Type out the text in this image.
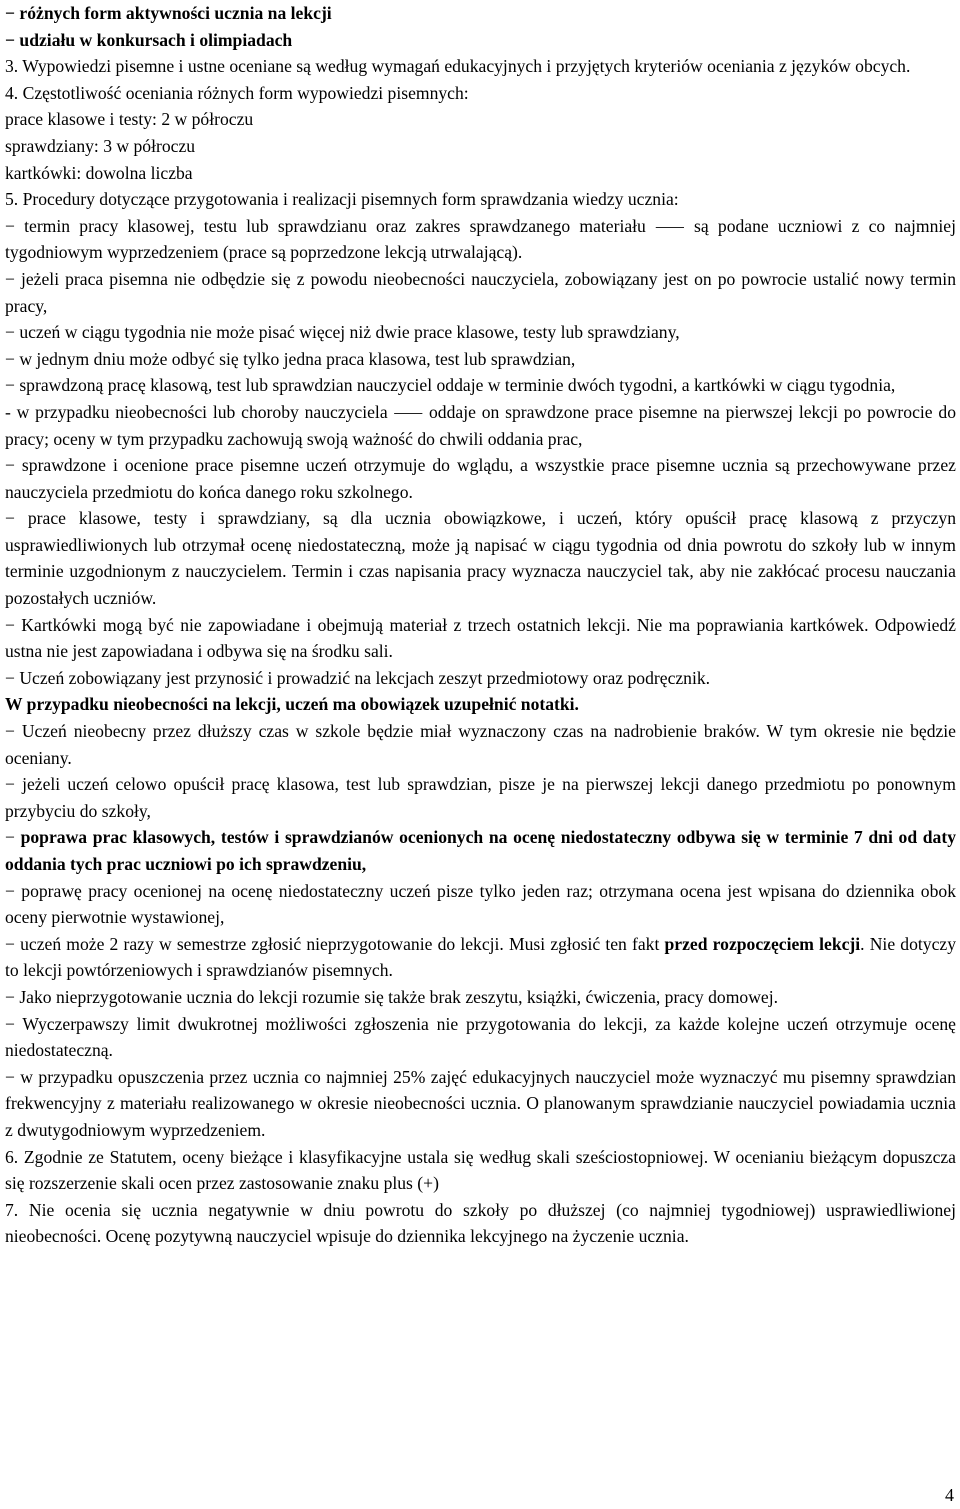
− różnych form aktywności ucznia na lekcji

− udziału w konkursach i olimpiadach

3. Wypowiedzi pisemne i ustne oceniane są według wymagań edukacyjnych i przyjętych kryteriów oceniania z języków obcych.

4. Częstotliwość oceniania różnych form wypowiedzi pisemnych:

prace klasowe i testy: 2 w półroczu

sprawdziany: 3 w półroczu

kartkówki: dowolna liczba

5. Procedury dotyczące przygotowania i realizacji pisemnych form sprawdzania wiedzy ucznia:

− termin pracy klasowej, testu lub sprawdzianu oraz zakres sprawdzanego materiału ⸺ są podane uczniowi z co najmniej tygodniowym wyprzedzeniem (prace są poprzedzone lekcją utrwalającą).

− jeżeli praca pisemna nie odbędzie się z powodu nieobecności nauczyciela, zobowiązany jest on po powrocie ustalić nowy termin pracy,

− uczeń w ciągu tygodnia nie może pisać więcej niż dwie prace klasowe, testy lub sprawdziany,

− w jednym dniu może odbyć się tylko jedna praca klasowa, test lub sprawdzian,

− sprawdzoną pracę klasową, test lub sprawdzian nauczyciel oddaje w terminie dwóch tygodni, a kartkówki w ciągu tygodnia,

- w przypadku nieobecności lub choroby nauczyciela ⸺ oddaje on sprawdzone prace pisemne na pierwszej lekcji po powrocie do pracy; oceny w tym przypadku zachowują swoją ważność do chwili oddania prac,

− sprawdzone i ocenione prace pisemne uczeń otrzymuje do wglądu, a wszystkie prace pisemne ucznia są przechowywane przez nauczyciela przedmiotu do końca danego roku szkolnego.

− prace klasowe, testy i sprawdziany, są dla ucznia obowiązkowe, i uczeń, który opuścił pracę klasową z przyczyn usprawiedliwionych lub otrzymał ocenę niedostateczną, może ją napisać w ciągu tygodnia od dnia powrotu do szkoły lub w innym terminie uzgodnionym z nauczycielem. Termin i czas napisania pracy wyznacza nauczyciel tak, aby nie zakłócać procesu nauczania pozostałych uczniów.

− Kartkówki mogą być nie zapowiadane i obejmują materiał z trzech ostatnich lekcji. Nie ma poprawiania kartkówek. Odpowiedź ustna nie jest zapowiadana i odbywa się na środku sali.

− Uczeń zobowiązany jest przynosić i prowadzić na lekcjach zeszyt przedmiotowy oraz podręcznik.

W przypadku nieobecności na lekcji, uczeń ma obowiązek uzupełnić notatki.

− Uczeń nieobecny przez dłuższy czas w szkole będzie miał wyznaczony czas na nadrobienie braków. W tym okresie nie będzie oceniany.

− jeżeli uczeń celowo opuścił pracę klasowa, test lub sprawdzian, pisze je na pierwszej lekcji danego przedmiotu po ponownym przybyciu do szkoły,

− poprawa prac klasowych, testów i sprawdzianów ocenionych na ocenę niedostateczny odbywa się w terminie 7 dni od daty oddania tych prac uczniowi po ich sprawdzeniu,

− poprawę pracy ocenionej na ocenę niedostateczny uczeń pisze tylko jeden raz; otrzymana ocena jest wpisana do dziennika obok oceny pierwotnie wystawionej,

− uczeń może 2 razy w semestrze zgłosić nieprzygotowanie do lekcji. Musi zgłosić ten fakt przed rozpoczęciem lekcji. Nie dotyczy to lekcji powtórzeniowych i sprawdzianów pisemnych.

− Jako nieprzygotowanie ucznia do lekcji rozumie się także brak zeszytu, książki, ćwiczenia, pracy domowej.

− Wyczerpawszy limit dwukrotnej możliwości zgłoszenia nie przygotowania do lekcji, za każde kolejne uczeń otrzymuje ocenę niedostateczną.

− w przypadku opuszczenia przez ucznia co najmniej 25% zajęć edukacyjnych nauczyciel może wyznaczyć mu pisemny sprawdzian frekwencyjny z materiału realizowanego w okresie nieobecności ucznia. O planowanym sprawdzianie nauczyciel powiadamia ucznia z dwutygodniowym wyprzedzeniem.

6. Zgodnie ze Statutem, oceny bieżące i klasyfikacyjne ustala się według skali sześciostopniowej. W ocenianiu bieżącym dopuszcza się rozszerzenie skali ocen przez zastosowanie znaku plus (+)

7. Nie ocenia się ucznia negatywnie w dniu powrotu do szkoły po dłuższej (co najmniej tygodniowej) usprawiedliwionej nieobecności. Ocenę pozytywną nauczyciel wpisuje do dziennika lekcyjnego na życzenie ucznia.

4
